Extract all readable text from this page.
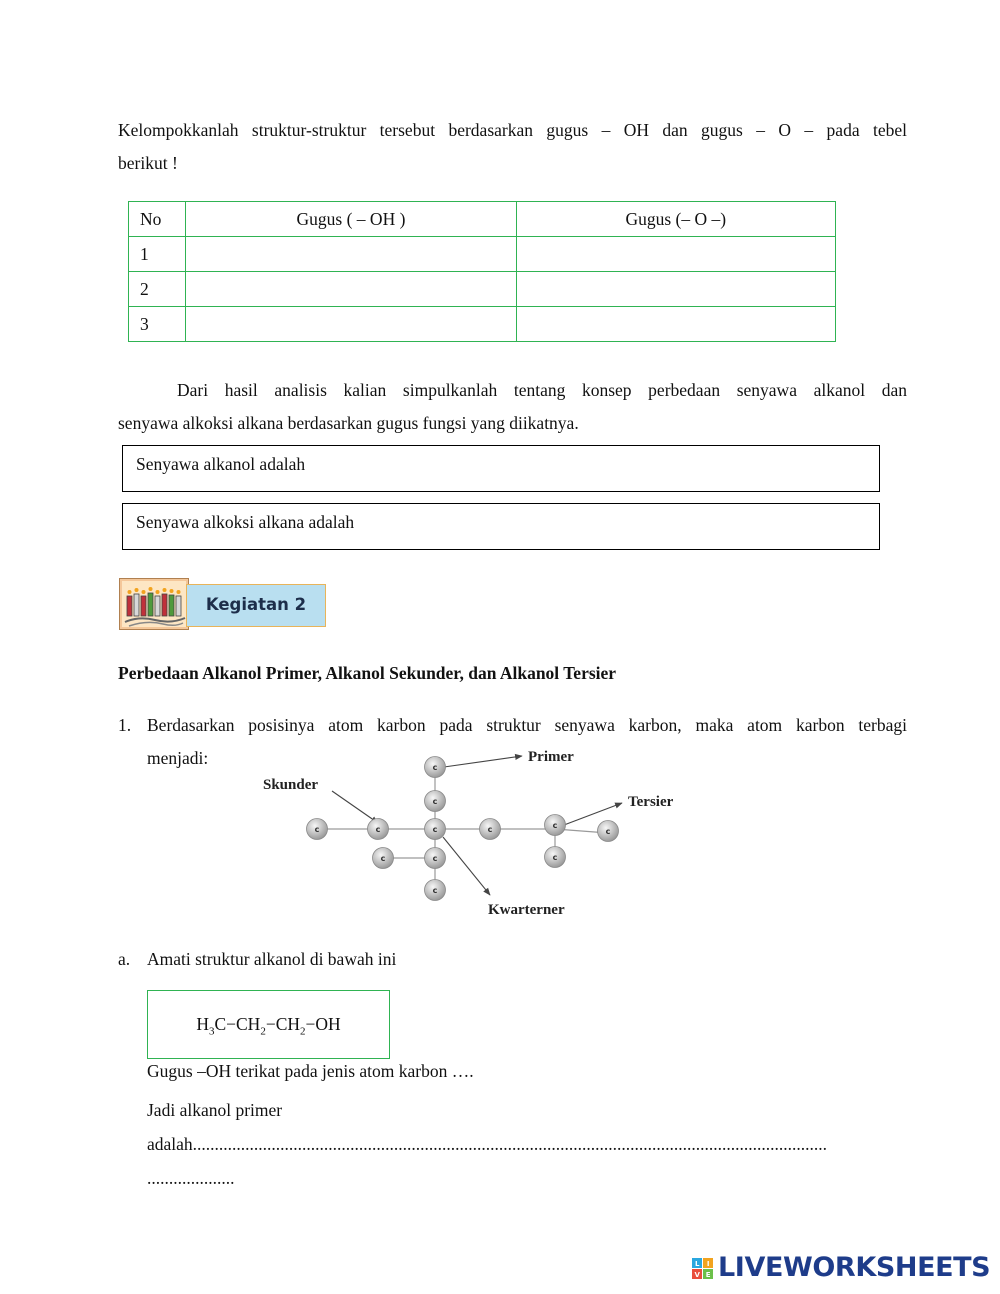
Kelompokkanlah struktur-struktur tersebut berdasarkan gugus – OH dan gugus – O – pada tebel
berikut !
No	Gugus ( – OH )	Gugus (– O –)
1		
2		
3		
Dari hasil analisis kalian simpulkanlah tentang konsep perbedaan senyawa alkanol dan
senyawa alkoksi alkana berdasarkan gugus fungsi yang diikatnya.
Senyawa alkanol adalah
Senyawa alkoksi alkana adalah
Kegiatan 2
Perbedaan Alkanol Primer, Alkanol Sekunder, dan Alkanol Tersier
1. Berdasarkan posisinya atom karbon pada struktur senyawa karbon, maka atom karbon terbagi
menjadi:	Primer
Skunder
Tersier
Kwarterner
c
c
c	c	c	c	c
c
c	c	c
c
a. Amati struktur alkanol di bawah ini
$H_3C-CH_2-CH_2-OH$
Gugus –OH terikat pada jenis atom karbon ….
Jadi alkanol primer
adalah.................................................................................................................................................
....................
L I
V E LIVEWORKSHEETS
